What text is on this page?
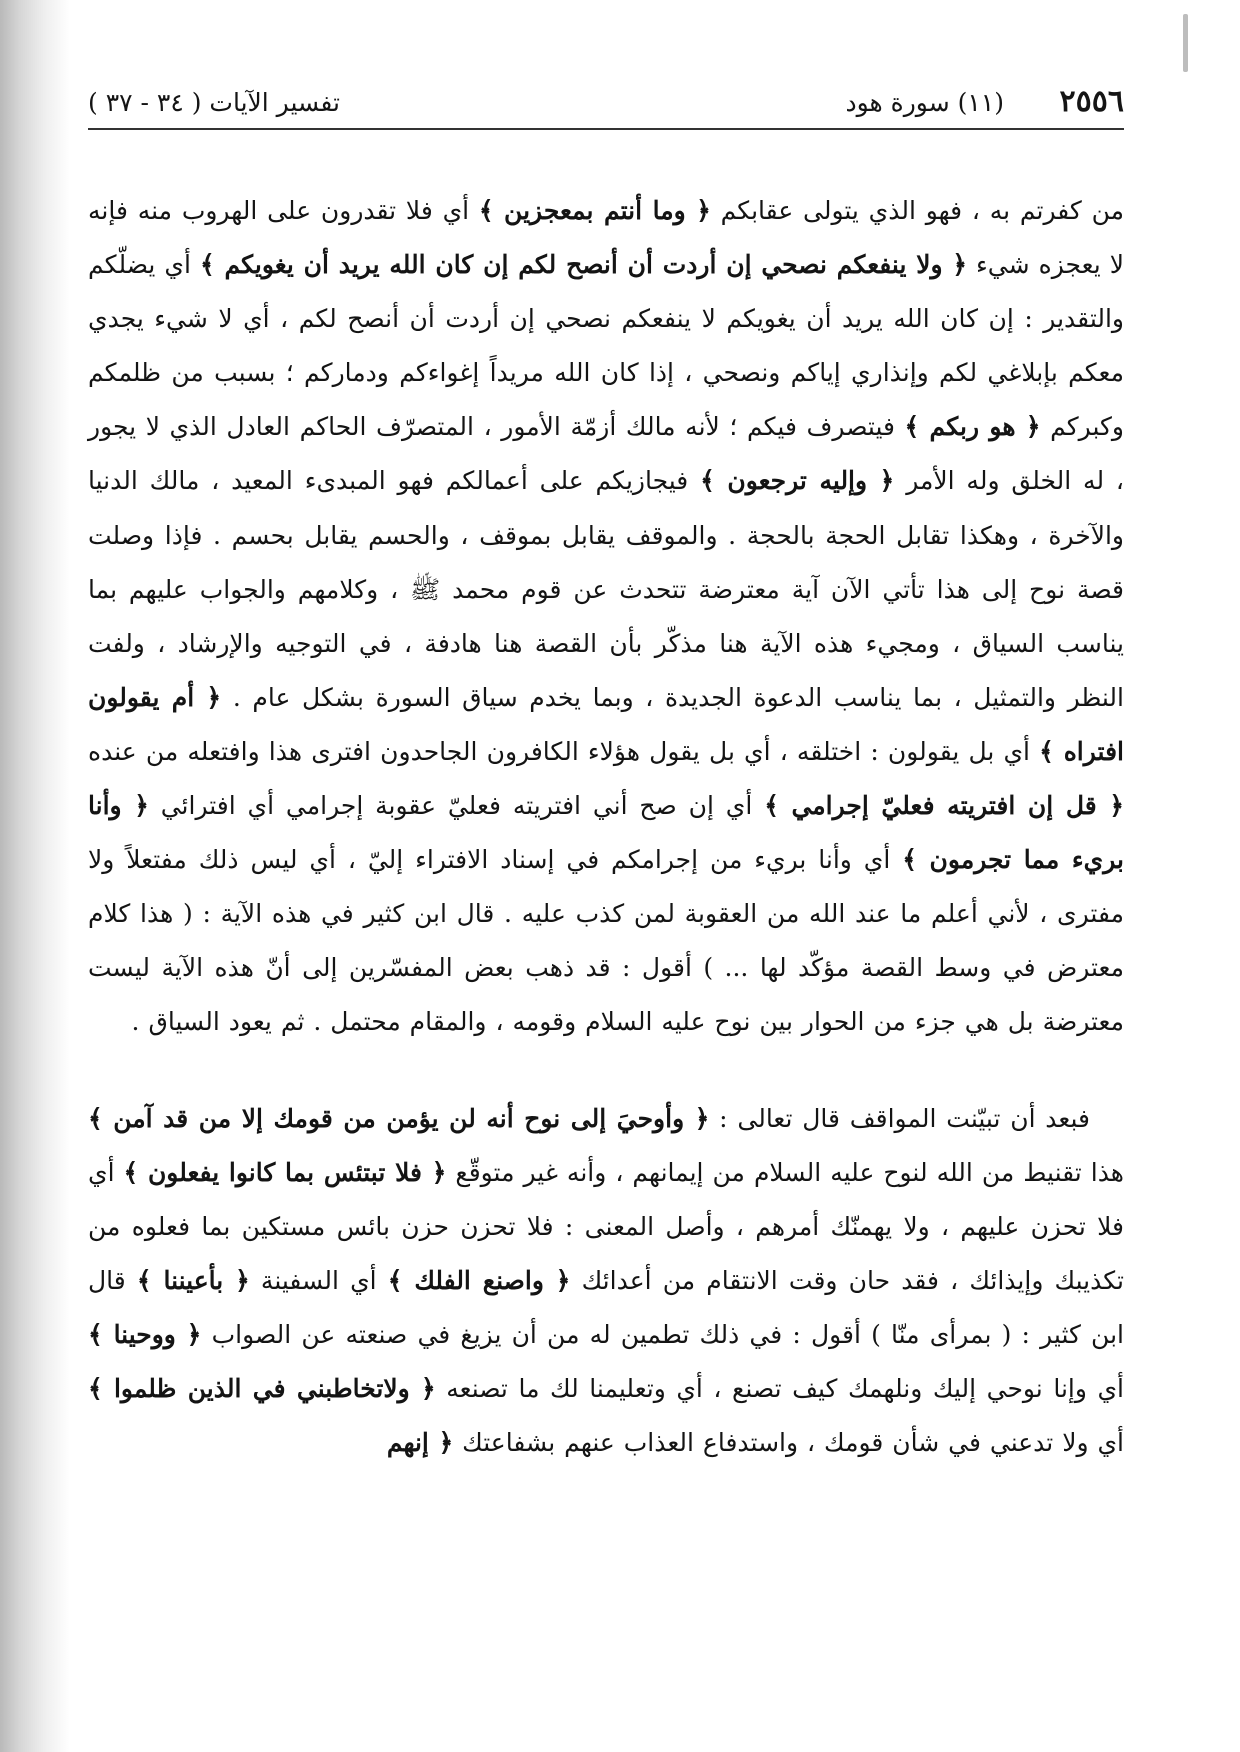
٢٥٥٦
(١١) سورة هود
تفسير الآيات ( ٣٤ - ٣٧ )

من كفرتم به ، فهو الذي يتولى عقابكم ﴿ وما أنتم بمعجزين ﴾ أي فلا تقدرون على الهروب منه فإنه لا يعجزه شيء ﴿ ولا ينفعكم نصحي إن أردت أن أنصح لكم إن كان الله يريد أن يغويكم ﴾ أي يضلّكم والتقدير : إن كان الله يريد أن يغويكم لا ينفعكم نصحي إن أردت أن أنصح لكم ، أي لا شيء يجدي معكم بإبلاغي لكم وإنذاري إياكم ونصحي ، إذا كان الله مريداً إغواءكم ودماركم ؛ بسبب من ظلمكم وكبركم ﴿ هو ربكم ﴾ فيتصرف فيكم ؛ لأنه مالك أزمّة الأمور ، المتصرّف الحاكم العادل الذي لا يجور ، له الخلق وله الأمر ﴿ وإليه ترجعون ﴾ فيجازيكم على أعمالكم فهو المبدىء المعيد ، مالك الدنيا والآخرة ، وهكذا تقابل الحجة بالحجة . والموقف يقابل بموقف ، والحسم يقابل بحسم . فإذا وصلت قصة نوح إلى هذا تأتي الآن آية معترضة تتحدث عن قوم محمد ﷺ ، وكلامهم والجواب عليهم بما يناسب السياق ، ومجيء هذه الآية هنا مذكّر بأن القصة هنا هادفة ، في التوجيه والإرشاد ، ولفت النظر والتمثيل ، بما يناسب الدعوة الجديدة ، وبما يخدم سياق السورة بشكل عام . ﴿ أم يقولون افتراه ﴾ أي بل يقولون : اختلقه ، أي بل يقول هؤلاء الكافرون الجاحدون افترى هذا وافتعله من عنده ﴿ قل إن افتريته فعليّ إجرامي ﴾ أي إن صح أني افتريته فعليّ عقوبة إجرامي أي افترائي ﴿ وأنا بريء مما تجرمون ﴾ أي وأنا بريء من إجرامكم في إسناد الافتراء إليّ ، أي ليس ذلك مفتعلاً ولا مفترى ، لأني أعلم ما عند الله من العقوبة لمن كذب عليه . قال ابن كثير في هذه الآية : ( هذا كلام معترض في وسط القصة مؤكّد لها ... ) أقول : قد ذهب بعض المفسّرين إلى أنّ هذه الآية ليست معترضة بل هي جزء من الحوار بين نوح عليه السلام وقومه ، والمقام محتمل . ثم يعود السياق .

فبعد أن تبيّنت المواقف قال تعالى : ﴿ وأوحيَ إلى نوح أنه لن يؤمن من قومك إلا من قد آمن ﴾ هذا تقنيط من الله لنوح عليه السلام من إيمانهم ، وأنه غير متوقّع ﴿ فلا تبتئس بما كانوا يفعلون ﴾ أي فلا تحزن عليهم ، ولا يهمنّك أمرهم ، وأصل المعنى : فلا تحزن حزن بائس مستكين بما فعلوه من تكذيبك وإيذائك ، فقد حان وقت الانتقام من أعدائك ﴿ واصنع الفلك ﴾ أي السفينة ﴿ بأعيننا ﴾ قال ابن كثير : ( بمرأى منّا ) أقول : في ذلك تطمين له من أن يزيغ في صنعته عن الصواب ﴿ ووحينا ﴾ أي وإنا نوحي إليك ونلهمك كيف تصنع ، أي وتعليمنا لك ما تصنعه ﴿ ولاتخاطبني في الذين ظلموا ﴾ أي ولا تدعني في شأن قومك ، واستدفاع العذاب عنهم بشفاعتك ﴿ إنهم
